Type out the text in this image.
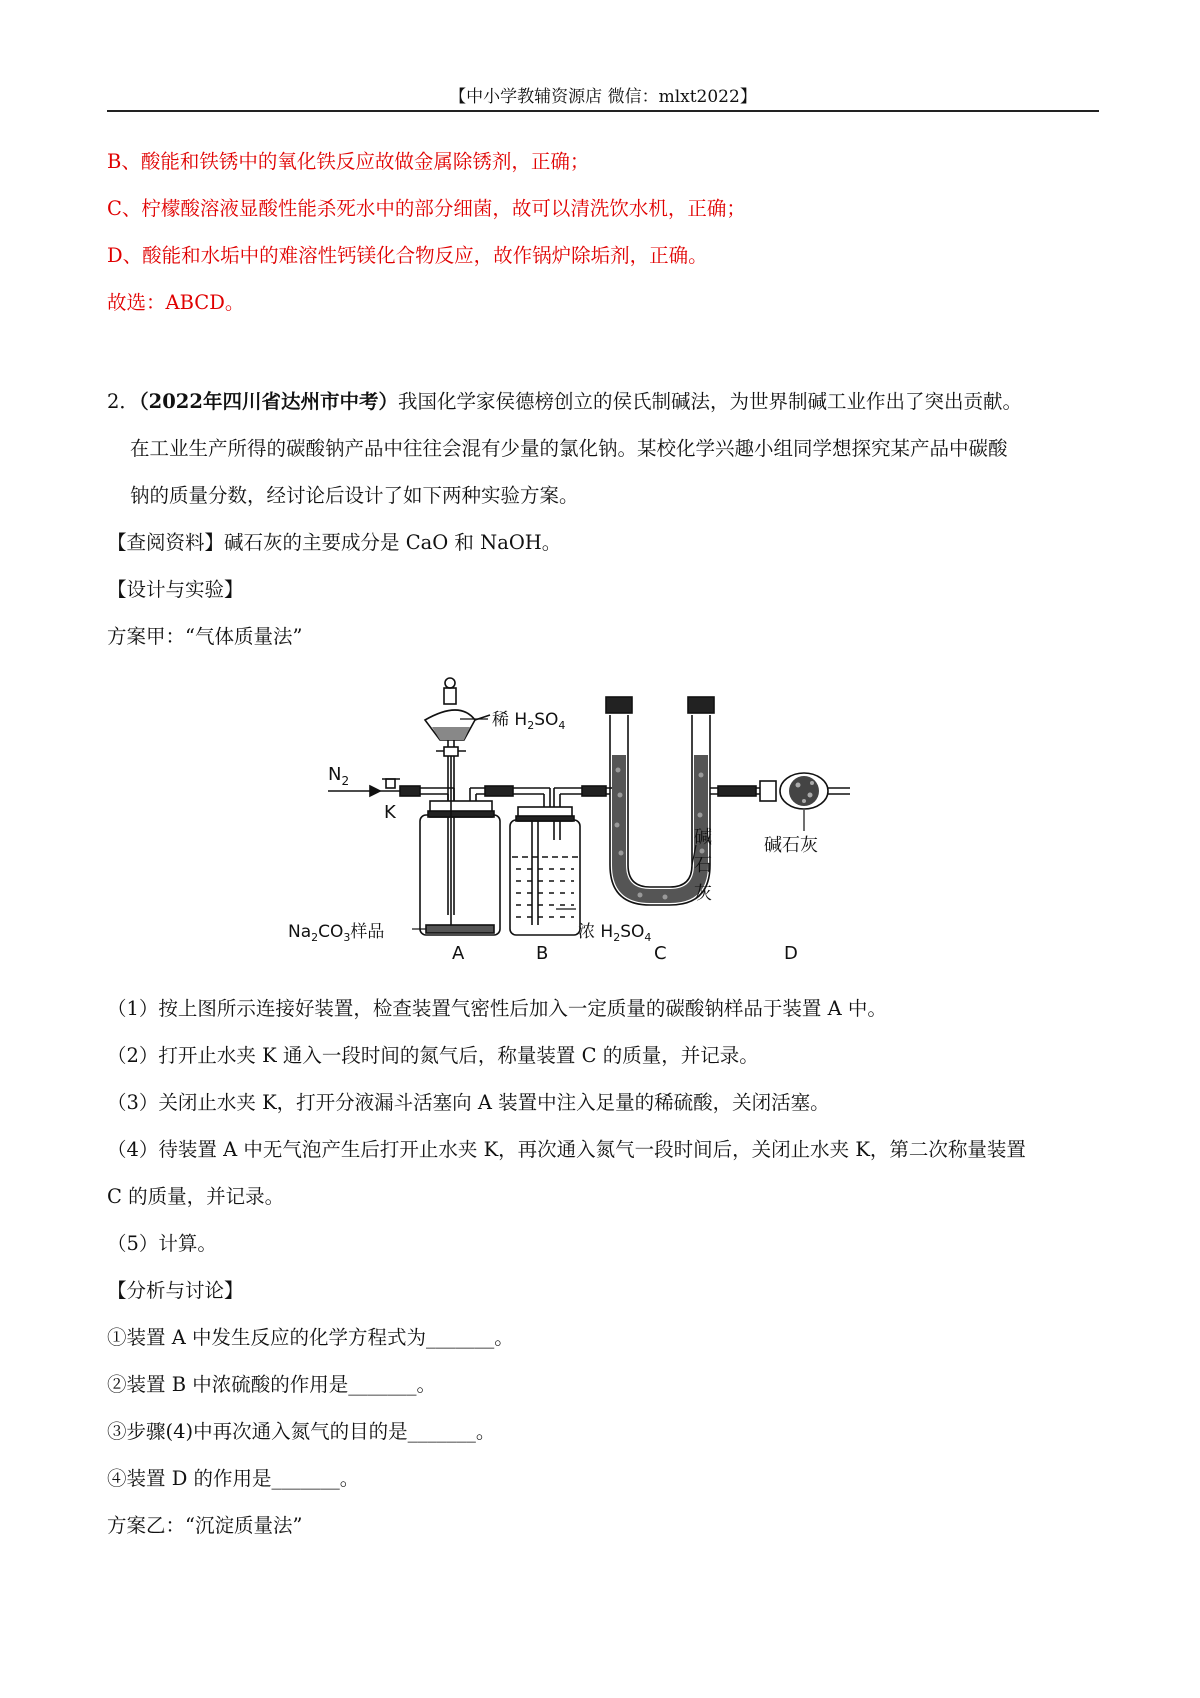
【中小学教辅资源店 微信：mlxt2022】
B、酸能和铁锈中的氧化铁反应故做金属除锈剂，正确；
C、柠檬酸溶液显酸性能杀死水中的部分细菌，故可以清洗饮水机，正确；
D、酸能和水垢中的难溶性钙镁化合物反应，故作锅炉除垢剂，正确。
故选：ABCD。
2．（2022年四川省达州市中考）我国化学家侯德榜创立的侯氏制碱法，为世界制碱工业作出了突出贡献。
在工业生产所得的碳酸钠产品中往往会混有少量的氯化钠。某校化学兴趣小组同学想探究某产品中碳酸
钠的质量分数，经讨论后设计了如下两种实验方案。
【查阅资料】碱石灰的主要成分是 CaO 和 NaOH。
【设计与实验】
方案甲：“气体质量法”
$N_2$
K
稀 $H_2SO_4$
$Na_2CO_3$样品	浓 $H_2SO_4$
碱
石
灰
碱石灰
A	B	C	D
（1）按上图所示连接好装置，检查装置气密性后加入一定质量的碳酸钠样品于装置 A 中。
（2）打开止水夹 K 通入一段时间的氮气后，称量装置 C 的质量，并记录。
（3）关闭止水夹 K，打开分液漏斗活塞向 A 装置中注入足量的稀硫酸，关闭活塞。
（4）待装置 A 中无气泡产生后打开止水夹 K，再次通入氮气一段时间后，关闭止水夹 K，第二次称量装置
C 的质量，并记录。
（5）计算。
【分析与讨论】
①装置 A 中发生反应的化学方程式为_______。
②装置 B 中浓硫酸的作用是_______。
③步骤(4)中再次通入氮气的目的是_______。
④装置 D 的作用是_______。
方案乙：“沉淀质量法”
